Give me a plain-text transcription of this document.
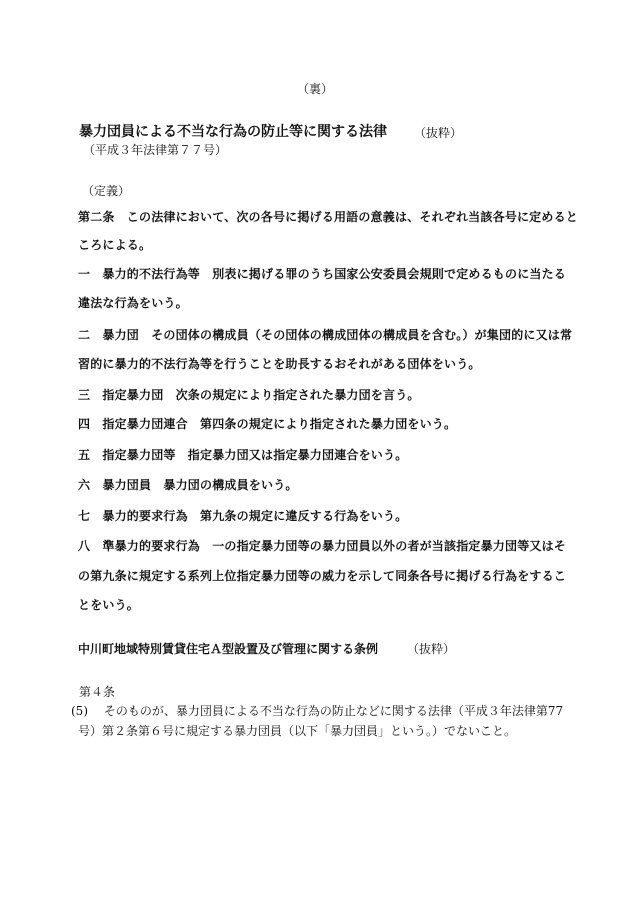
（裏）
暴力団員による不当な行為の防止等に関する法律 （抜粋）
（平成３年法律第７７号）
（定義）
第二条　この法律において、次の各号に掲げる用語の意義は、それぞれ当該各号に定めると
ころによる。
一　暴力的不法行為等　別表に掲げる罪のうち国家公安委員会規則で定めるものに当たる
違法な行為をいう。
二　暴力団　その団体の構成員（その団体の構成団体の構成員を含む。）が集団的に又は常
習的に暴力的不法行為等を行うことを助長するおそれがある団体をいう。
三　指定暴力団　次条の規定により指定された暴力団を言う。
四　指定暴力団連合　第四条の規定により指定された暴力団をいう。
五　指定暴力団等　指定暴力団又は指定暴力団連合をいう。
六　暴力団員　暴力団の構成員をいう。
七　暴力的要求行為　第九条の規定に違反する行為をいう。
八　準暴力的要求行為　一の指定暴力団等の暴力団員以外の者が当該指定暴力団等又はそ
の第九条に規定する系列上位指定暴力団等の威力を示して同条各号に掲げる行為をするこ
とをいう。
中川町地域特別賃貸住宅Ａ型設置及び管理に関する条例 （抜粋）
第４条
(5)　 そのものが、暴力団員による不当な行為の防止などに関する法律（平成３年法律第77
号）第２条第６号に規定する暴力団員（以下「暴力団員」という。）でないこと。
